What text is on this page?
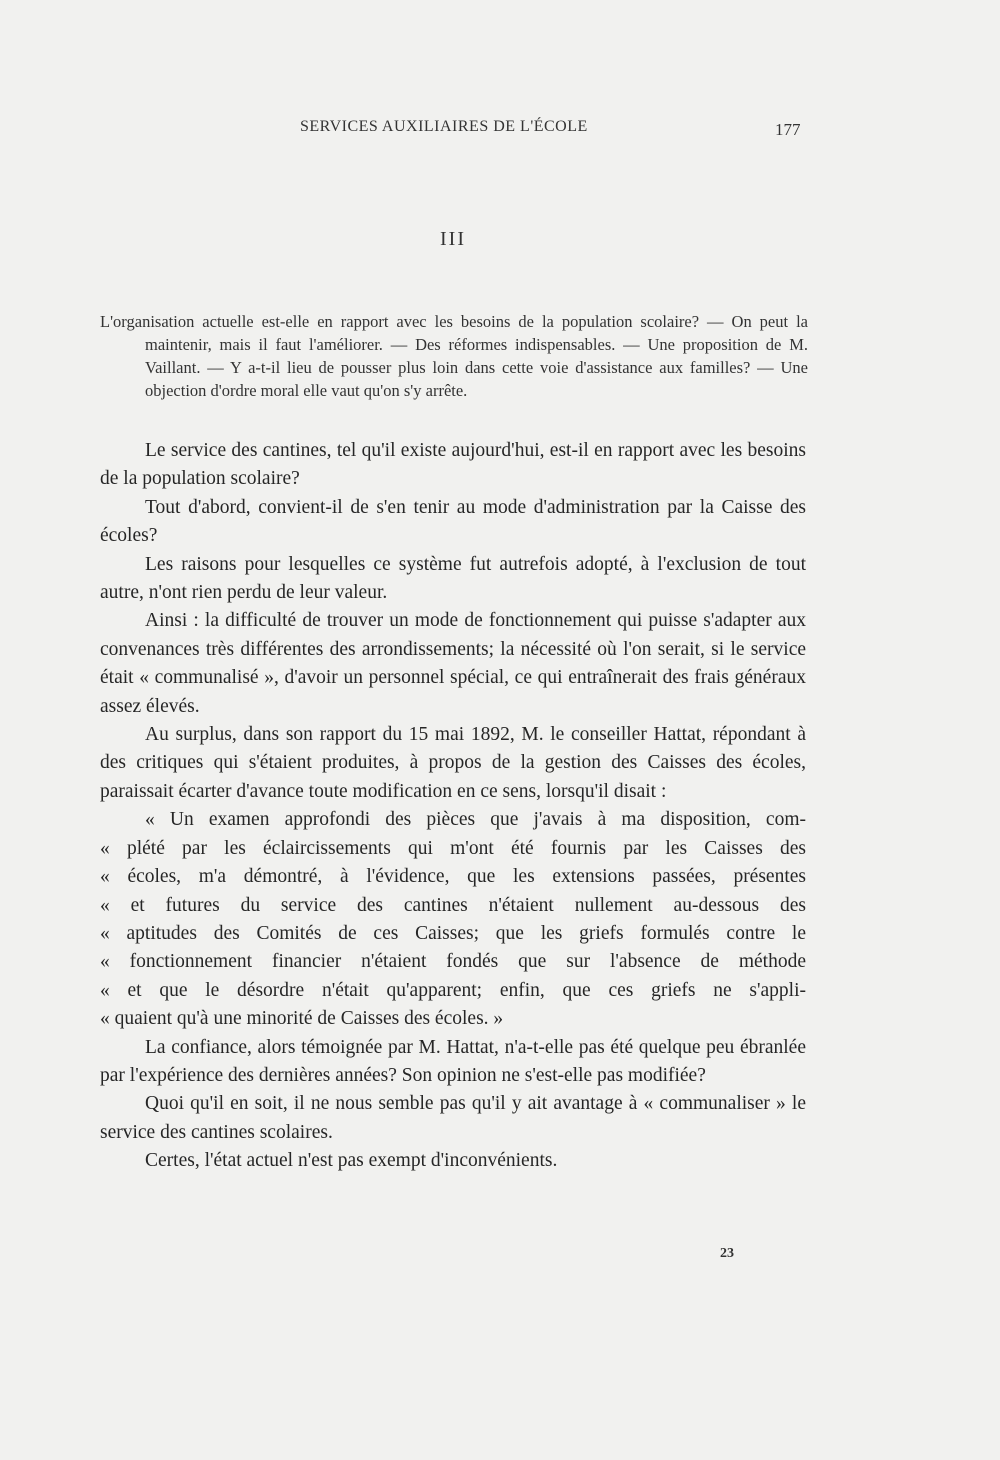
SERVICES AUXILIAIRES DE L'ÉCOLE	177
III
L'organisation actuelle est-elle en rapport avec les besoins de la population scolaire? — On peut la maintenir, mais il faut l'améliorer. — Des réformes indispensables. — Une proposition de M. Vaillant. — Y a-t-il lieu de pousser plus loin dans cette voie d'assistance aux familles? — Une objection d'ordre moral elle vaut qu'on s'y arrête.

Le service des cantines, tel qu'il existe aujourd'hui, est-il en rapport avec les besoins de la population scolaire?

Tout d'abord, convient-il de s'en tenir au mode d'administration par la Caisse des écoles?

Les raisons pour lesquelles ce système fut autrefois adopté, à l'exclusion de tout autre, n'ont rien perdu de leur valeur.

Ainsi : la difficulté de trouver un mode de fonctionnement qui puisse s'adapter aux convenances très différentes des arrondissements; la nécessité où l'on serait, si le service était « communalisé », d'avoir un personnel spécial, ce qui entraînerait des frais généraux assez élevés.

Au surplus, dans son rapport du 15 mai 1892, M. le conseiller Hattat, répondant à des critiques qui s'étaient produites, à propos de la gestion des Caisses des écoles, paraissait écarter d'avance toute modification en ce sens, lorsqu'il disait :

« Un examen approfondi des pièces que j'avais à ma disposition, com-
« plété par les éclaircissements qui m'ont été fournis par les Caisses des
« écoles, m'a démontré, à l'évidence, que les extensions passées, présentes
« et futures du service des cantines n'étaient nullement au-dessous des
« aptitudes des Comités de ces Caisses; que les griefs formulés contre le
« fonctionnement financier n'étaient fondés que sur l'absence de méthode
« et que le désordre n'était qu'apparent; enfin, que ces griefs ne s'appli-
« quaient qu'à une minorité de Caisses des écoles. »

La confiance, alors témoignée par M. Hattat, n'a-t-elle pas été quelque peu ébranlée par l'expérience des dernières années? Son opinion ne s'est-elle pas modifiée?

Quoi qu'il en soit, il ne nous semble pas qu'il y ait avantage à « communaliser » le service des cantines scolaires.

Certes, l'état actuel n'est pas exempt d'inconvénients.

23
